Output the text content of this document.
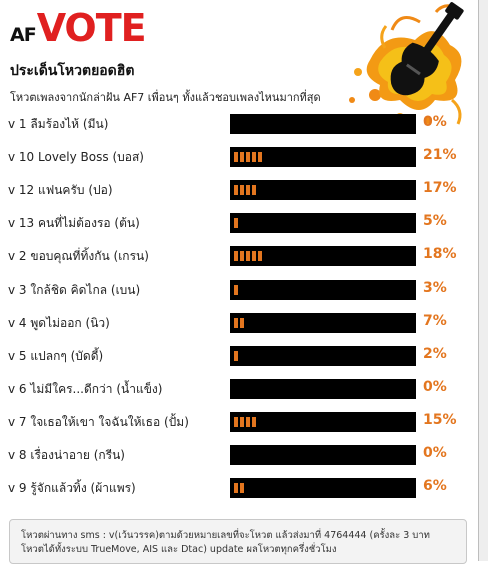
AF VOTE
ประเด็นโหวตยอดฮิต

โหวตเพลงจากนักล่าฝัน AF7 เพื่อนๆ ทั้งแล้วชอบเพลงไหนมากที่สุด

v 1 ลืมร้องไห้ (มีน)	0%
v 10 Lovely Boss (บอส)	21%
v 12 แฟนครับ (ปอ)	17%
v 13 คนที่ไม่ต้องรอ (ต้น)	5%
v 2 ขอบคุณที่ทิ้งกัน (เกรน)	18%
v 3 ใกล้ชิด คิดไกล (เบน)	3%
v 4 พูดไม่ออก (นิว)	7%
v 5 แปลกๆ (บัดดี้)	2%
v 6 ไม่มีใคร...ดีกว่า (น้ำแข็ง)	0%
v 7 ใจเธอให้เขา ใจฉันให้เธอ (ปั้ม)	15%
v 8 เรื่องน่าอาย (กรีน)	0%
v 9 รู้จักแล้วทิ้ง (ผ้าแพร)	6%

โหวตผ่านทาง sms : v(เว้นวรรค)ตามด้วยหมายเลขที่จะโหวต แล้วส่งมาที่ 4764444 (ครั้งละ 3 บาท

โหวตได้ทั้งระบบ TrueMove, AIS และ Dtac) update ผลโหวตทุกครึ่งชั่วโมง
